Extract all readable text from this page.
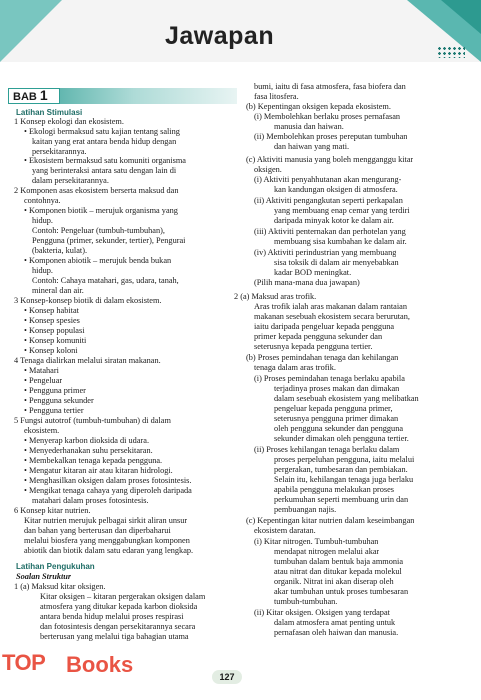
Jawapan
BAB 1
Latihan Stimulasi
1 Konsep ekologi dan ekosistem.
• Ekologi bermaksud satu kajian tentang saling
kaitan yang erat antara benda hidup dengan
persekitarannya.
• Ekosistem bermaksud satu komuniti organisma
yang berinteraksi antara satu dengan lain di
dalam persekitarannya.
2 Komponen asas ekosistem berserta maksud dan
contohnya.
• Komponen biotik – merujuk organisma yang
hidup.
Contoh: Pengeluar (tumbuh-tumbuhan),
Pengguna (primer, sekunder, tertier), Pengurai
(bakteria, kulat).
• Komponen abiotik – merujuk benda bukan
hidup.
Contoh: Cahaya matahari, gas, udara, tanah,
mineral dan air.
3 Konsep-konsep biotik di dalam ekosistem.
• Konsep habitat
• Konsep spesies
• Konsep populasi
• Konsep komuniti
• Konsep koloni
4 Tenaga dialirkan melalui siratan makanan.
• Matahari
• Pengeluar
• Pengguna primer
• Pengguna sekunder
• Pengguna tertier
5 Fungsi autotrof (tumbuh-tumbuhan) di dalam
ekosistem.
• Menyerap karbon dioksida di udara.
• Menyederhanakan suhu persekitaran.
• Membekalkan tenaga kepada pengguna.
• Mengatur kitaran air atau kitaran hidrologi.
• Menghasilkan oksigen dalam proses fotosintesis.
• Mengikat tenaga cahaya yang diperoleh daripada
matahari dalam proses fotosintesis.
6 Konsep kitar nutrien.
Kitar nutrien merujuk pelbagai sirkit aliran unsur
dan bahan yang berterusan dan diperbaharui
melalui biosfera yang menggabungkan komponen
abiotik dan biotik dalam satu edaran yang lengkap.
Latihan Pengukuhan
Soalan Struktur
1 (a) Maksud kitar oksigen.
Kitar oksigen – kitaran pergerakan oksigen dalam
atmosfera yang ditukar kepada karbon dioksida
antara benda hidup melalui proses respirasi
dan fotosintesis dengan persekitarannya secara
berterusan yang melalui tiga bahagian utama
bumi, iaitu di fasa atmosfera, fasa biofera dan
fasa litosfera.
(b) Kepentingan oksigen kepada ekosistem.
(i) Membolehkan berlaku proses pernafasan
manusia dan haiwan.
(ii) Membolehkan proses pereputan tumbuhan
dan haiwan yang mati.
(c) Aktiviti manusia yang boleh mengganggu kitar
oksigen.
(i) Aktiviti penyahhutanan akan mengurang-
kan kandungan oksigen di atmosfera.
(ii) Aktiviti pengangkutan seperti perkapalan
yang membuang enap cemar yang terdiri
daripada minyak kotor ke dalam air.
(iii) Aktiviti penternakan dan perhotelan yang
membuang sisa kumbahan ke dalam air.
(iv) Aktiviti perindustrian yang membuang
sisa toksik di dalam air menyebabkan
kadar BOD meningkat.
(Pilih mana-mana dua jawapan)
2 (a) Maksud aras trofik.
Aras trofik ialah aras makanan dalam rantaian
makanan sesebuah ekosistem secara berurutan,
iaitu daripada pengeluar kepada pengguna
primer kepada pengguna sekunder dan
seterusnya kepada pengguna tertier.
(b) Proses pemindahan tenaga dan kehilangan
tenaga dalam aras trofik.
(i) Proses pemindahan tenaga berlaku apabila
terjadinya proses makan dan dimakan
dalam sesebuah ekosistem yang melibatkan
pengeluar kepada pengguna primer,
seterusnya pengguna primer dimakan
oleh pengguna sekunder dan pengguna
sekunder dimakan oleh pengguna tertier.
(ii) Proses kehilangan tenaga berlaku dalam
proses perpeluhan pengguna, iaitu melalui
pergerakan, tumbesaran dan pembiakan.
Selain itu, kehilangan tenaga juga berlaku
apabila pengguna melakukan proses
perkumuhan seperti membuang urin dan
pembuangan najis.
(c) Kepentingan kitar nutrien dalam keseimbangan
ekosistem daratan.
(i) Kitar nitrogen. Tumbuh-tumbuhan
mendapat nitrogen melalui akar
tumbuhan dalam bentuk baja ammonia
atau nitrat dan ditukar kepada molekul
organik. Nitrat ini akan diserap oleh
akar tumbuhan untuk proses tumbesaran
tumbuh-tumbuhan.
(ii) Kitar oksigen. Oksigen yang terdapat
dalam atmosfera amat penting untuk
pernafasan oleh haiwan dan manusia.
TOP Books	127
